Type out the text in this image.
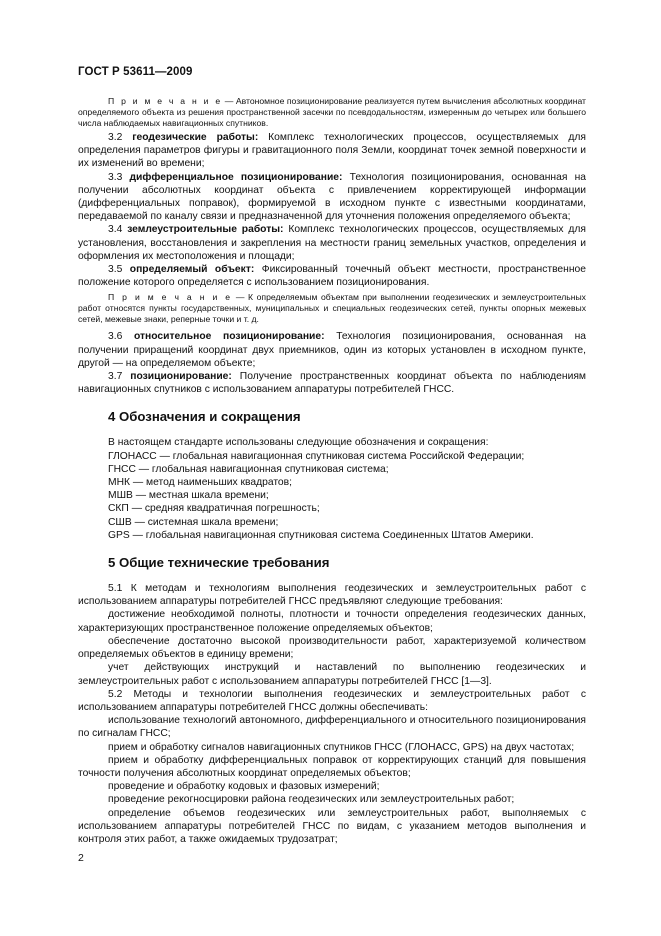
ГОСТ Р 53611—2009

П р и м е ч а н и е — Автономное позиционирование реализуется путем вычисления абсолютных координат определяемого объекта из решения пространственной засечки по псевдодальностям, измеренным до четырех или большего числа наблюдаемых навигационных спутников.

3.2 геодезические работы: Комплекс технологических процессов, осуществляемых для определения параметров фигуры и гравитационного поля Земли, координат точек земной поверхности и их изменений во времени;

3.3 дифференциальное позиционирование: Технология позиционирования, основанная на получении абсолютных координат объекта с привлечением корректирующей информации (дифференциальных поправок), формируемой в исходном пункте с известными координатами, передаваемой по каналу связи и предназначенной для уточнения положения определяемого объекта;

3.4 землеустроительные работы: Комплекс технологических процессов, осуществляемых для установления, восстановления и закрепления на местности границ земельных участков, определения и оформления их местоположения и площади;

3.5 определяемый объект: Фиксированный точечный объект местности, пространственное положение которого определяется с использованием позиционирования.

П р и м е ч а н и е — К определяемым объектам при выполнении геодезических и землеустроительных работ относятся пункты государственных, муниципальных и специальных геодезических сетей, пункты опорных межевых сетей, межевые знаки, реперные точки и т. д.

3.6 относительное позиционирование: Технология позиционирования, основанная на получении приращений координат двух приемников, один из которых установлен в исходном пункте, другой — на определяемом объекте;

3.7 позиционирование: Получение пространственных координат объекта по наблюдениям навигационных спутников с использованием аппаратуры потребителей ГНСС.

4 Обозначения и сокращения

В настоящем стандарте использованы следующие обозначения и сокращения:

ГЛОНАСС — глобальная навигационная спутниковая система Российской Федерации;

ГНСС — глобальная навигационная спутниковая система;

МНК — метод наименьших квадратов;

МШВ — местная шкала времени;

СКП — средняя квадратичная погрешность;

СШВ — системная шкала времени;

GPS — глобальная навигационная спутниковая система Соединенных Штатов Америки.

5 Общие технические требования

5.1 К методам и технологиям выполнения геодезических и землеустроительных работ с использованием аппаратуры потребителей ГНСС предъявляют следующие требования:

достижение необходимой полноты, плотности и точности определения геодезических данных, характеризующих пространственное положение определяемых объектов;

обеспечение достаточно высокой производительности работ, характеризуемой количеством определяемых объектов в единицу времени;

учет действующих инструкций и наставлений по выполнению геодезических и землеустроительных работ с использованием аппаратуры потребителей ГНСС [1—3].

5.2 Методы и технологии выполнения геодезических и землеустроительных работ с использованием аппаратуры потребителей ГНСС должны обеспечивать:

использование технологий автономного, дифференциального и относительного позиционирования по сигналам ГНСС;

прием и обработку сигналов навигационных спутников ГНСС (ГЛОНАСС, GPS) на двух частотах;

прием и обработку дифференциальных поправок от корректирующих станций для повышения точности получения абсолютных координат определяемых объектов;

проведение и обработку кодовых и фазовых измерений;

проведение рекогносцировки района геодезических или землеустроительных работ;

определение объемов геодезических или землеустроительных работ, выполняемых с использованием аппаратуры потребителей ГНСС по видам, с указанием методов выполнения и контроля этих работ, а также ожидаемых трудозатрат;

2
